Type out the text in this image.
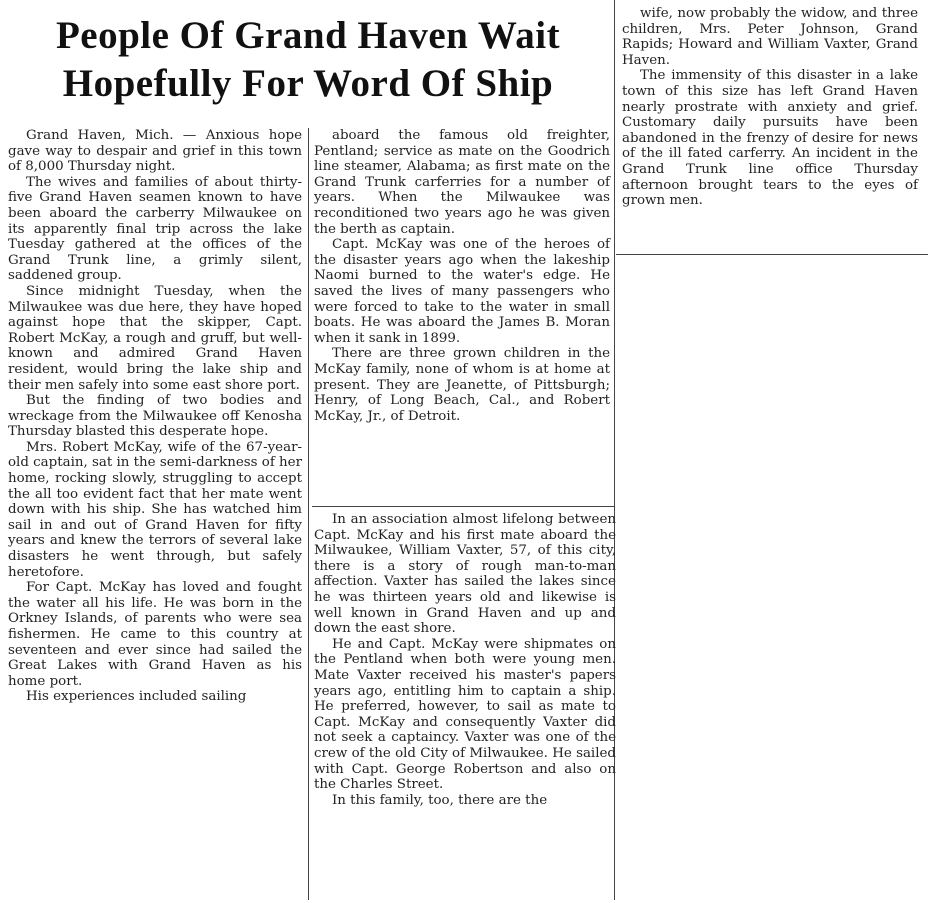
People Of Grand Haven Wait
Hopefully For Word Of Ship

Grand Haven, Mich. — Anxious hope gave way to despair and grief in this town of 8,000 Thursday night.

The wives and families of about thirty-five Grand Haven seamen known to have been aboard the carberry Milwaukee on its apparently final trip across the lake Tuesday gathered at the offices of the Grand Trunk line, a grimly silent, saddened group.

Since midnight Tuesday, when the Milwaukee was due here, they have hoped against hope that the skipper, Capt. Robert McKay, a rough and gruff, but well-known and admired Grand Haven resident, would bring the lake ship and their men safely into some east shore port.

But the finding of two bodies and wreckage from the Milwaukee off Kenosha Thursday blasted this desperate hope.

Mrs. Robert McKay, wife of the 67-year-old captain, sat in the semi-darkness of her home, rocking slowly, struggling to accept the all too evident fact that her mate went down with his ship. She has watched him sail in and out of Grand Haven for fifty years and knew the terrors of several lake disasters he went through, but safely heretofore.

For Capt. McKay has loved and fought the water all his life. He was born in the Orkney Islands, of parents who were sea fishermen. He came to this country at seventeen and ever since had sailed the Great Lakes with Grand Haven as his home port.

His experiences included sailing

aboard the famous old freighter, Pentland; service as mate on the Goodrich line steamer, Alabama; as first mate on the Grand Trunk carferries for a number of years. When the Milwaukee was reconditioned two years ago he was given the berth as captain.

Capt. McKay was one of the heroes of the disaster years ago when the lakeship Naomi burned to the water's edge. He saved the lives of many passengers who were forced to take to the water in small boats. He was aboard the James B. Moran when it sank in 1899.

There are three grown children in the McKay family, none of whom is at home at present. They are Jeanette, of Pittsburgh; Henry, of Long Beach, Cal., and Robert McKay, Jr., of Detroit.

In an association almost lifelong between Capt. McKay and his first mate aboard the Milwaukee, William Vaxter, 57, of this city, there is a story of rough man-to-man affection. Vaxter has sailed the lakes since he was thirteen years old and likewise is well known in Grand Haven and up and down the east shore.

He and Capt. McKay were shipmates on the Pentland when both were young men. Mate Vaxter received his master's papers years ago, entitling him to captain a ship. He preferred, however, to sail as mate to Capt. McKay and consequently Vaxter did not seek a captaincy. Vaxter was one of the crew of the old City of Milwaukee. He sailed with Capt. George Robertson and also on the Charles Street.

In this family, too, there are the

wife, now probably the widow, and three children, Mrs. Peter Johnson, Grand Rapids; Howard and William Vaxter, Grand Haven.

The immensity of this disaster in a lake town of this size has left Grand Haven nearly prostrate with anxiety and grief. Customary daily pursuits have been abandoned in the frenzy of desire for news of the ill fated carferry. An incident in the Grand Trunk line office Thursday afternoon brought tears to the eyes of grown men.
